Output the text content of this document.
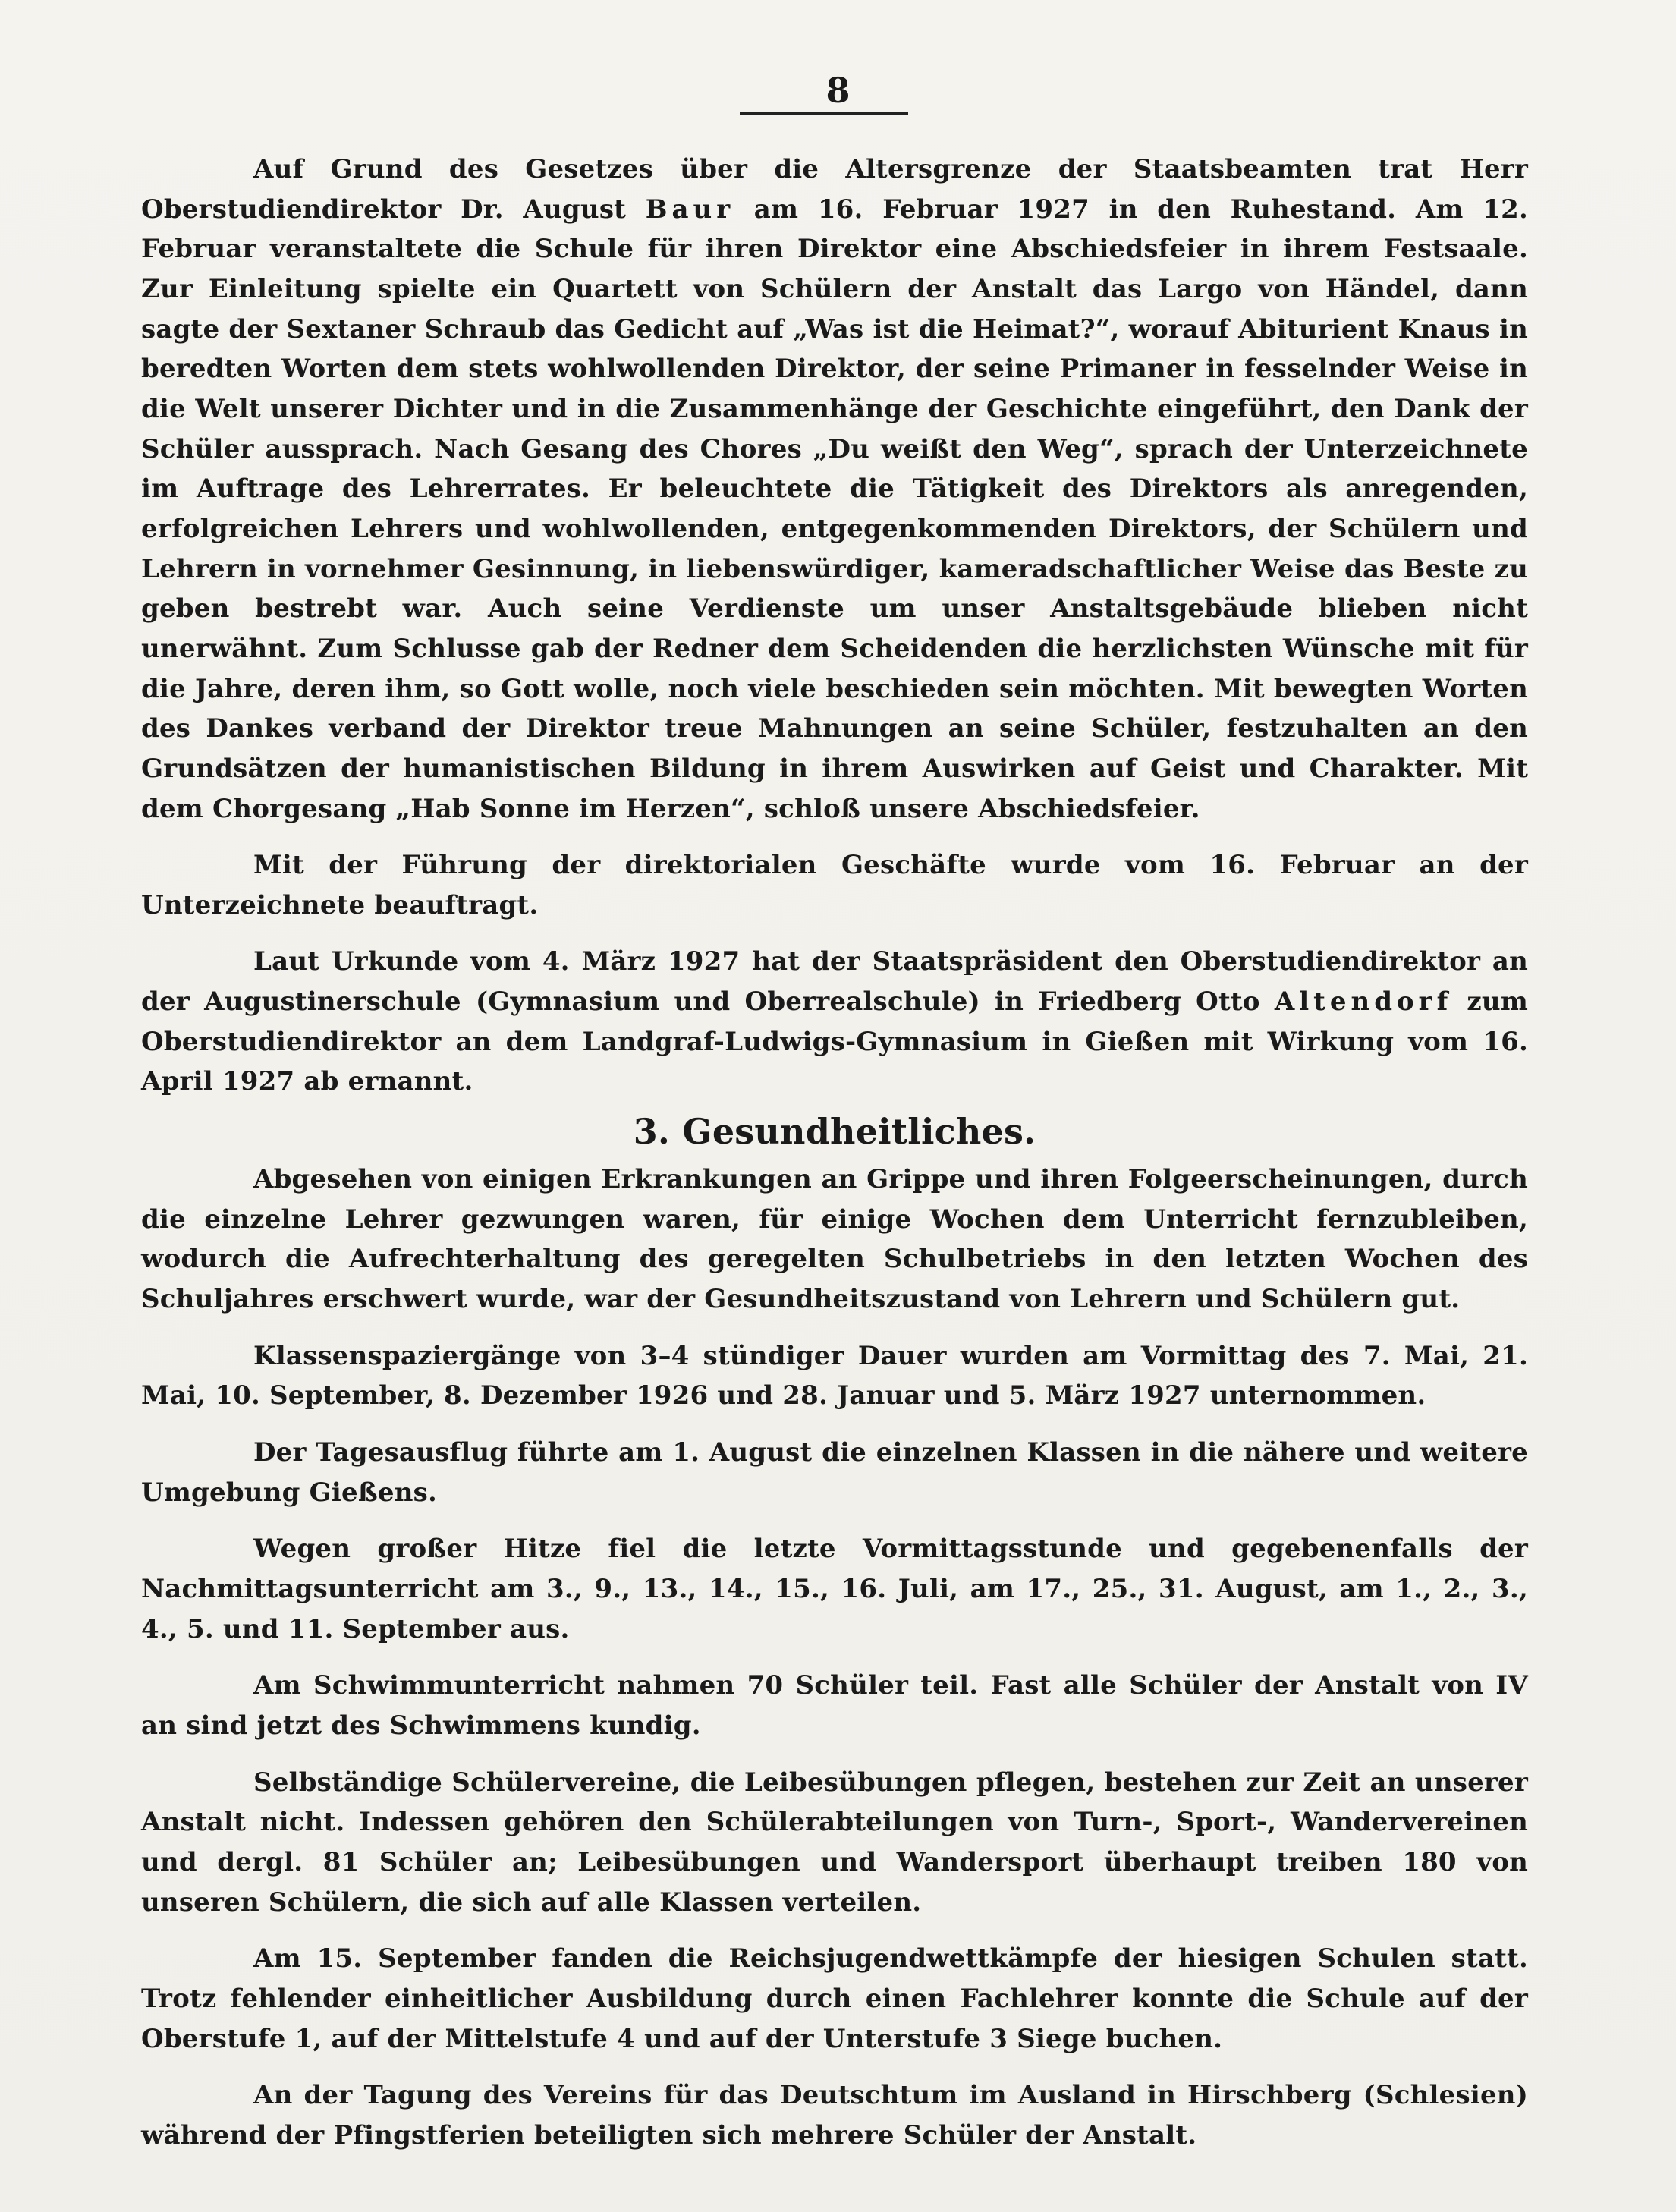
8

Auf Grund des Gesetzes über die Altersgrenze der Staatsbeamten trat Herr Oberstudiendirektor Dr. August Baur am 16. Februar 1927 in den Ruhestand. Am 12. Februar veranstaltete die Schule für ihren Direktor eine Abschiedsfeier in ihrem Festsaale. Zur Einleitung spielte ein Quartett von Schülern der Anstalt das Largo von Händel, dann sagte der Sextaner Schraub das Gedicht auf „Was ist die Heimat?“, worauf Abiturient Knaus in beredten Worten dem stets wohlwollenden Direktor, der seine Primaner in fesselnder Weise in die Welt unserer Dichter und in die Zusammenhänge der Geschichte eingeführt, den Dank der Schüler aussprach. Nach Gesang des Chores „Du weißt den Weg“, sprach der Unterzeichnete im Auftrage des Lehrerrates. Er beleuchtete die Tätigkeit des Direktors als anregenden, erfolgreichen Lehrers und wohlwollenden, entgegenkommenden Direktors, der Schülern und Lehrern in vornehmer Gesinnung, in liebenswürdiger, kameradschaftlicher Weise das Beste zu geben bestrebt war. Auch seine Verdienste um unser Anstaltsgebäude blieben nicht unerwähnt. Zum Schlusse gab der Redner dem Scheidenden die herzlichsten Wünsche mit für die Jahre, deren ihm, so Gott wolle, noch viele beschieden sein möchten. Mit bewegten Worten des Dankes verband der Direktor treue Mahnungen an seine Schüler, festzuhalten an den Grundsätzen der humanistischen Bildung in ihrem Auswirken auf Geist und Charakter. Mit dem Chorgesang „Hab Sonne im Herzen“, schloß unsere Abschiedsfeier.

Mit der Führung der direktorialen Geschäfte wurde vom 16. Februar an der Unterzeichnete beauftragt.

Laut Urkunde vom 4. März 1927 hat der Staatspräsident den Oberstudiendirektor an der Augustinerschule (Gymnasium und Oberrealschule) in Friedberg Otto Altendorf zum Oberstudiendirektor an dem Landgraf-Ludwigs-Gymnasium in Gießen mit Wirkung vom 16. April 1927 ab ernannt.

3. Gesundheitliches.

Abgesehen von einigen Erkrankungen an Grippe und ihren Folgeerscheinungen, durch die einzelne Lehrer gezwungen waren, für einige Wochen dem Unterricht fernzubleiben, wodurch die Aufrechterhaltung des geregelten Schulbetriebs in den letzten Wochen des Schuljahres erschwert wurde, war der Gesundheitszustand von Lehrern und Schülern gut.

Klassenspaziergänge von 3–4 stündiger Dauer wurden am Vormittag des 7. Mai, 21. Mai, 10. September, 8. Dezember 1926 und 28. Januar und 5. März 1927 unternommen.

Der Tagesausflug führte am 1. August die einzelnen Klassen in die nähere und weitere Umgebung Gießens.

Wegen großer Hitze fiel die letzte Vormittagsstunde und gegebenenfalls der Nachmittagsunterricht am 3., 9., 13., 14., 15., 16. Juli, am 17., 25., 31. August, am 1., 2., 3., 4., 5. und 11. September aus.

Am Schwimmunterricht nahmen 70 Schüler teil. Fast alle Schüler der Anstalt von IV an sind jetzt des Schwimmens kundig.

Selbständige Schülervereine, die Leibesübungen pflegen, bestehen zur Zeit an unserer Anstalt nicht. Indessen gehören den Schülerabteilungen von Turn-, Sport-, Wandervereinen und dergl. 81 Schüler an; Leibesübungen und Wandersport überhaupt treiben 180 von unseren Schülern, die sich auf alle Klassen verteilen.

Am 15. September fanden die Reichsjugendwettkämpfe der hiesigen Schulen statt. Trotz fehlender einheitlicher Ausbildung durch einen Fachlehrer konnte die Schule auf der Oberstufe 1, auf der Mittelstufe 4 und auf der Unterstufe 3 Siege buchen.

An der Tagung des Vereins für das Deutschtum im Ausland in Hirschberg (Schlesien) während der Pfingstferien beteiligten sich mehrere Schüler der Anstalt.
